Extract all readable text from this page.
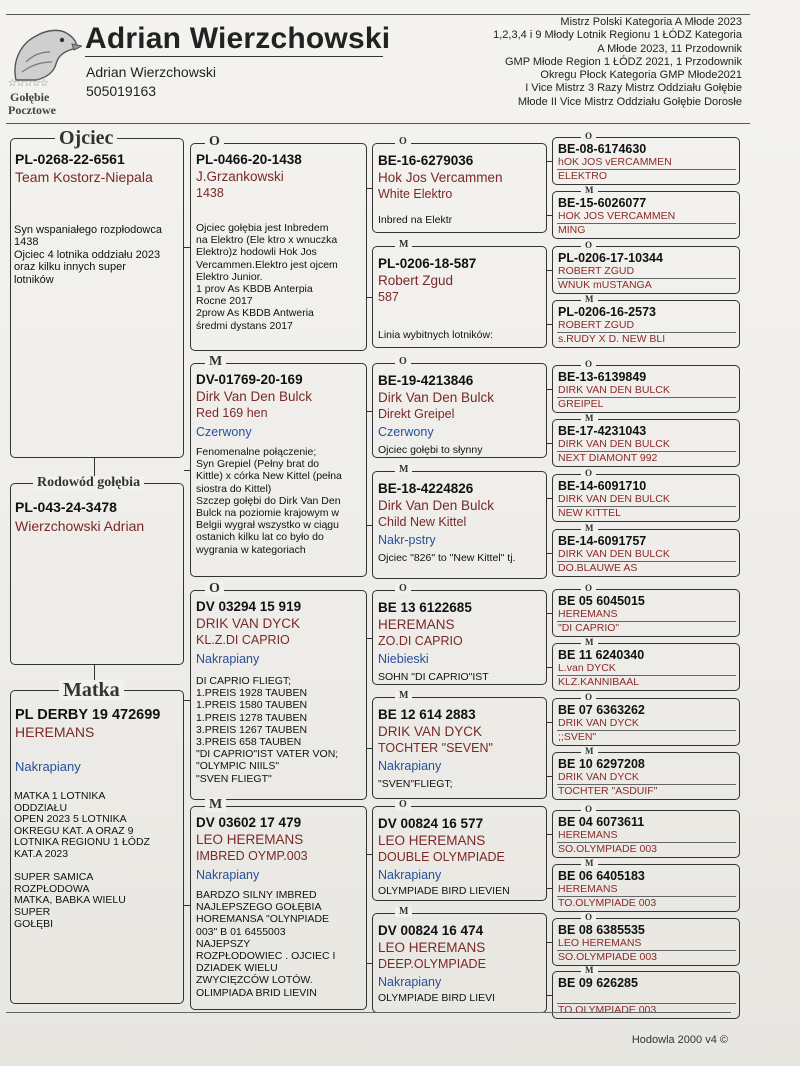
☆☆☆☆☆
Gołębie
Pocztowe
Adrian Wierzchowski
Adrian Wierzchowski
505019163
Mistrz Polski Kategoria A Młode 2023
1,2,3,4 i 9 Młody Lotnik Regionu 1 ŁÓDZ Kategoria
A Młode 2023, 11 Przodownik
GMP Młode Region 1 ŁÓDZ 2021, 1 Przodownik
Okregu Płock Kategoria GMP Młode2021
I Vice Mistrz 3 Razy Mistrz Oddziału Gołębie
Młode II Vice Mistrz Oddziału Gołębie Dorosłe
Ojciec
PL-0268-22-6561
Team Kostorz-Niepala
Syn wspaniałego rozpłodowca
1438
Ojciec 4 lotnika oddziału 2023
oraz kilku innych super
lotników
Rodowód gołębia
PL-043-24-3478
Wierzchowski Adrian
Matka
PL DERBY 19 472699
HEREMANS
Nakrapiany
MATKA 1 LOTNIKA
ODDZIAŁU
OPEN 2023 5 LOTNIKA
OKREGU KAT. A ORAZ 9
LOTNIKA REGIONU 1 ŁÓDZ
KAT.A 2023
SUPER SAMICA
ROZPŁODOWA
MATKA, BABKA WIELU
SUPER
GOŁĘBI
O
PL-0466-20-1438
J.Grzankowski
1438
Ojciec gołębia jest Inbredem
na Elektro (Ele ktro x wnuczka
Elektro)z hodowli Hok Jos
Vercammen.Elektro jest ojcem
Elektro Junior.
1 prov As KBDB Anterpia
Rocne 2017
2prow As KBDB Antweria
średmi dystans 2017
M
DV-01769-20-169
Dirk Van Den Bulck
Red 169 hen
Czerwony
Fenomenalne połączenie;
Syn Grepiel (Pełny brat do
Kittle) x córka New Kittel (pełna
siostra do Kittel)
Szczep gołębi do Dirk Van Den
Bulck na poziomie krajowym w
Belgii wygrał wszystko w ciągu
ostanich kilku lat co było do
wygrania w kategoriach
O
DV 03294 15 919
DRIK VAN DYCK
KL.Z.DI CAPRIO
Nakrapiany
DI CAPRIO FLIEGT;
1.PREIS 1928 TAUBEN
1.PREIS 1580 TAUBEN
1.PREIS 1278 TAUBEN
3.PREIS 1267 TAUBEN
3.PREIS 658 TAUBEN
"DI CAPRIO"IST VATER VON;
"OLYMPIC NIILS"
"SVEN FLIEGT"
M
DV 03602 17 479
LEO HEREMANS
IMBRED OYMP.003
Nakrapiany
BARDZO SILNY IMBRED
NAJLEPSZEGO GOŁĘBIA
HOREMANSA "OLYNPIADE
003" B 01 6455003
NAJEPSZY
ROZPŁODOWIEC . OJCIEC I
DZIADEK WIELU
ZWYCIĘZCÓW LOTÓW.
OLIMPIADA BRID LIEVIN
O
BE-16-6279036
Hok Jos Vercammen
White Elektro
Inbred na Elektr
M
PL-0206-18-587
Robert Zgud
587
Linia wybitnych lotników:
O
BE-19-4213846
Dirk Van Den Bulck
Direkt Greipel
Czerwony
Ojciec gołębi to słynny
M
BE-18-4224826
Dirk Van Den Bulck
Child New Kittel
Nakr-pstry
Ojciec "826" to "New Kittel" tj.
O
BE 13 6122685
HEREMANS
ZO.DI CAPRIO
Niebieski
SOHN "DI CAPRIO"IST
M
BE 12 614 2883
DRIK VAN DYCK
TOCHTER "SEVEN"
Nakrapiany
"SVEN"FLIEGT;
O
DV 00824 16 577
LEO HEREMANS
DOUBLE OLYMPIADE
Nakrapiany
OLYMPIADE BIRD LIEVIEN
M
DV 00824 16 474
LEO HEREMANS
DEEP.OLYMPIADE
Nakrapiany
OLYMPIADE BIRD LIEVI
O
BE-08-6174630
hOK JOS vERCAMMEN
ELEKTRO
M
BE-15-6026077
HOK JOS VERCAMMEN
MING
O
PL-0206-17-10344
ROBERT ZGUD
WNUK mUSTANGA
M
PL-0206-16-2573
ROBERT ZGUD
s.RUDY X D. NEW BLI
O
BE-13-6139849
DIRK VAN DEN BULCK
GREIPEL
M
BE-17-4231043
DIRK VAN DEN BULCK
NEXT DIAMONT 992
O
BE-14-6091710
DIRK VAN DEN BULCK
NEW KITTEL
M
BE-14-6091757
DIRK VAN DEN BULCK
DO.BLAUWE AS
O
BE 05 6045015
HEREMANS
"DI CAPRIO"
M
BE 11 6240340
L.van DYCK
KLZ.KANNIBAAL
O
BE 07 6363262
DRIK VAN DYCK
;;SVEN"
M
BE 10 6297208
DRIK VAN DYCK
TOCHTER "ASDUIF"
O
BE 04 6073611
HEREMANS
SO.OLYMPIADE 003
M
BE 06 6405183
HEREMANS
TO.OLYMPIADE 003
O
BE 08 6385535
LEO HEREMANS
SO.OLYMPIADE 003
M
BE 09 626285
TO.OLYMPIADE 003
Hodowla 2000 v4 ©
